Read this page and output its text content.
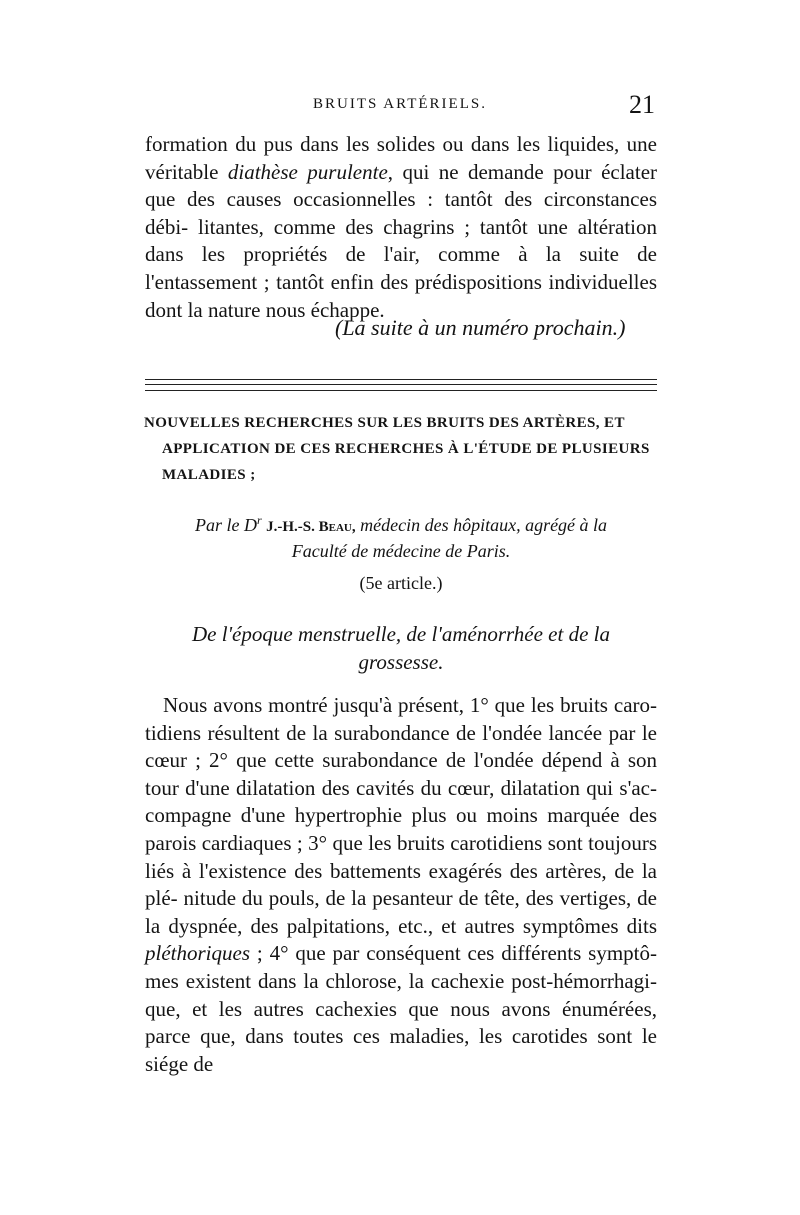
BRUITS ARTÉRIELS.	21

formation du pus dans les solides ou dans les liquides, une véritable diathèse purulente, qui ne demande pour éclater que des causes occasionnelles : tantôt des circonstances débi- litantes, comme des chagrins ; tantôt une altération dans les propriétés de l'air, comme à la suite de l'entassement ; tantôt enfin des prédispositions individuelles dont la nature nous échappe.

(La suite à un numéro prochain.)

NOUVELLES RECHERCHES SUR LES BRUITS DES ARTÈRES, ET
APPLICATION DE CES RECHERCHES À L'ÉTUDE DE PLUSIEURS
MALADIES ;

Par le $D^r$ J.-H.-S. Beau, médecin des hôpitaux, agrégé à la
Faculté de médecine de Paris.
(5e article.)
De l'époque menstruelle, de l'aménorrhée et de la
grossesse.

Nous avons montré jusqu'à présent, 1° que les bruits caro- tidiens résultent de la surabondance de l'ondée lancée par le cœur ; 2° que cette surabondance de l'ondée dépend à son tour d'une dilatation des cavités du cœur, dilatation qui s'ac- compagne d'une hypertrophie plus ou moins marquée des parois cardiaques ; 3° que les bruits carotidiens sont toujours liés à l'existence des battements exagérés des artères, de la plé- nitude du pouls, de la pesanteur de tête, des vertiges, de la dyspnée, des palpitations, etc., et autres symptômes dits pléthoriques ; 4° que par conséquent ces différents symptô- mes existent dans la chlorose, la cachexie post-hémorrhagi- que, et les autres cachexies que nous avons énumérées, parce que, dans toutes ces maladies, les carotides sont le siége de
